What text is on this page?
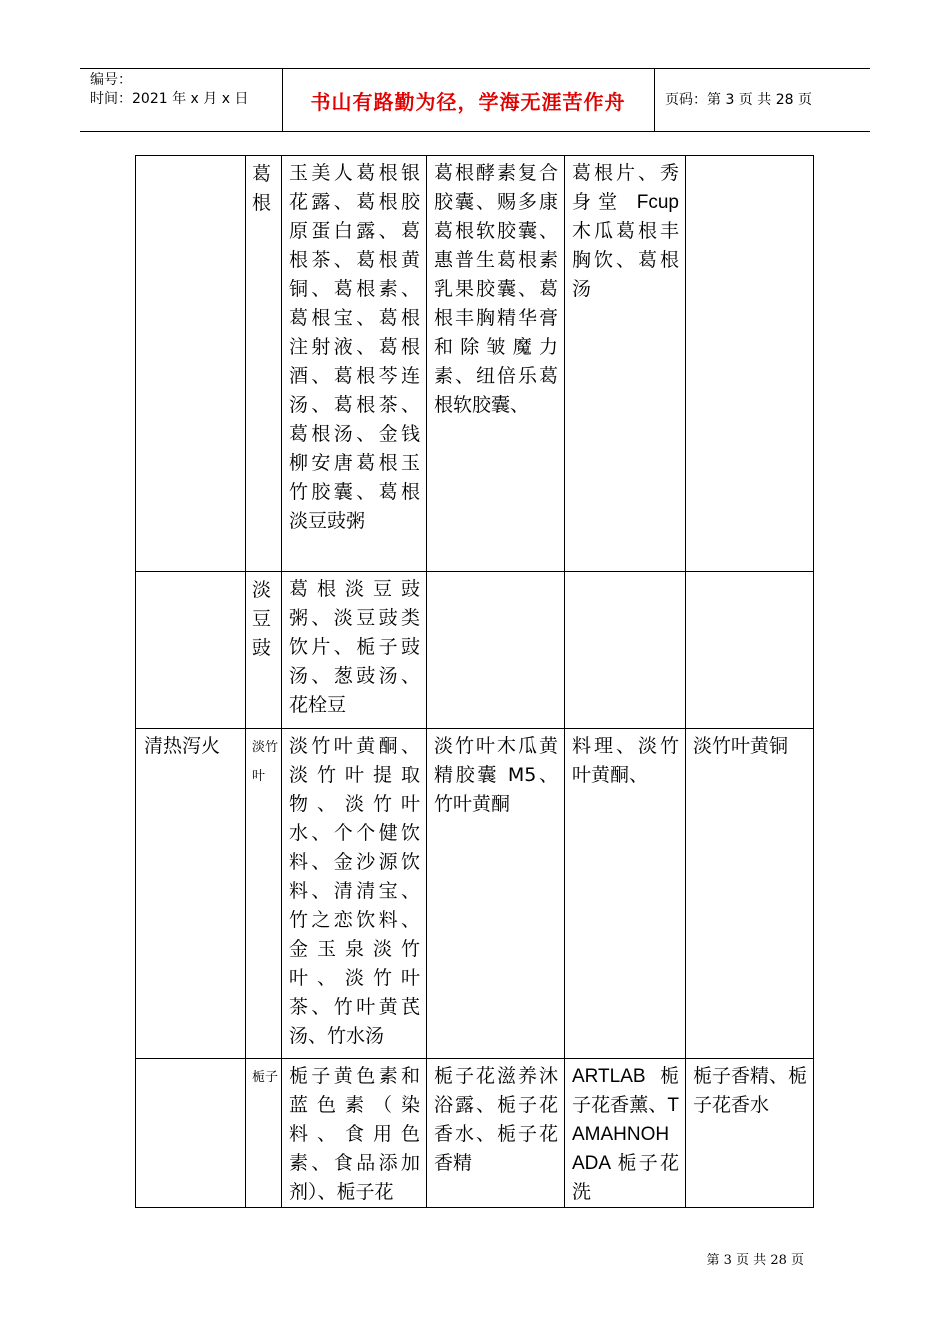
编号：
时间：2021 年 x 月 x 日	书山有路勤为径，学海无涯苦作舟	页码：第 3 页 共 28 页
	葛根	玉美人葛根银花露、葛根胶原蛋白露、葛根茶、葛根黄铜、葛根素、葛根宝、葛根注射液、葛根酒、葛根芩连汤、葛根茶、葛根汤、金钱柳安唐葛根玉竹胶囊、葛根淡豆豉粥	葛根酵素复合胶囊、赐多康葛根软胶囊、惠普生葛根素乳果胶囊、葛根丰胸精华膏和除皱魔力素、纽倍乐葛根软胶囊、	葛根片、秀身堂 Fcup 木瓜葛根丰胸饮、葛根汤	
	淡豆豉	葛根淡豆豉粥、淡豆豉类饮片、栀子豉汤、葱豉汤、花栓豆			
清热泻火	淡竹叶	淡竹叶黄酮、淡竹叶提取物、淡竹叶水、个个健饮料、金沙源饮料、清清宝、竹之恋饮料、金玉泉淡竹叶、淡竹叶茶、竹叶黄芪汤、竹水汤	淡竹叶木瓜黄精胶囊 M5、竹叶黄酮	料理、淡竹叶黄酮、	淡竹叶黄铜
	栀子	栀子黄色素和蓝色素（染料、食用色素、食品添加剂）、栀子花	栀子花滋养沐浴露、栀子花香水、栀子花香精	ARTLAB 栀子花香薰、TAMAHNOHADA 栀子花洗	栀子香精、栀子花香水
第 3 页 共 28 页
